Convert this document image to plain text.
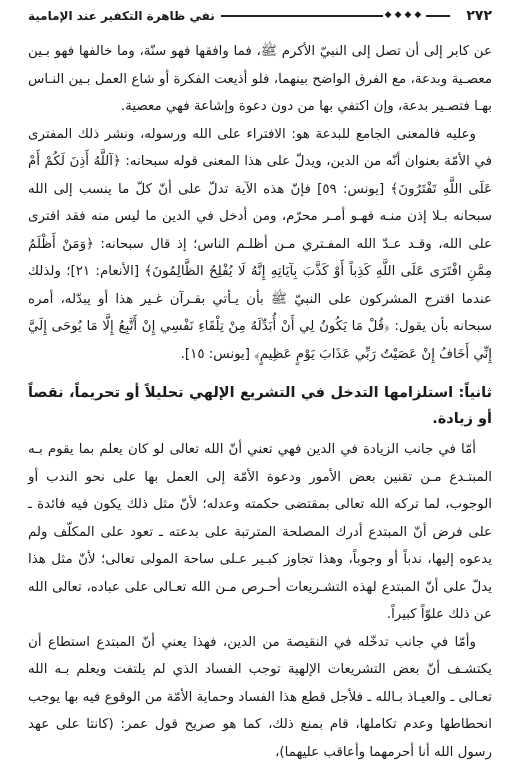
٢٧٢
◆◆◆◆
نفي ظاهرة التكفير عند الإمامية

عن كابر إلى أن تصل إلى النبيّ الأكرم ﷺ، فما وافقها فهو سنّة، وما خالفها فهو بـين معصـية وبدعة، مع الفرق الواضح بينهما، فلو أذيعت الفكرة أو شاع العمل بـين النـاس بهـا فتصـير بدعة، وإن اكتفي بها من دون دعوة وإشاعة فهي معصية.

وعليه فالمعنى الجامع للبدعة هو: الافتراء على الله ورسوله، ونشر ذلك المفترى في الأمّة بعنوان أنّه من الدين، ويدلّ على هذا المعنى قوله سبحانه: ﴿آللَّهُ أَذِنَ لَكُمْ أَمْ عَلَى اللَّهِ تَفْتَرُونَ﴾ [يونس: ٥٩] فإنّ هذه الآية تدلّ على أنّ كلّ ما ينسب إلى الله سبحانه بـلا إذن منـه فهـو أمـر محرّم، ومن أدخل في الدين ما ليس منه فقد افترى على الله، وقـد عـدّ الله المفـتري مـن أظلـم الناس؛ إذ قال سبحانه: ﴿وَمَنْ أَظْلَمُ مِمَّنِ افْتَرَى عَلَى اللَّهِ كَذِباً أَوْ كَذَّبَ بِآيَاتِهِ إِنَّهُ لَا يُفْلِحُ الظَّالِمُونَ﴾ [الأنعام: ٢١]؛ ولذلك عندما اقترح المشركون على النبيّ ﷺ بأن يـأتي بقـرآن غـير هذا أو يبدّله، أمره سبحانه بأن يقول: ﴿قُلْ مَا يَكُونُ لِي أَنْ أُبَدِّلَهُ مِنْ تِلْقَاءِ نَفْسِي إِنْ أَتَّبِعُ إِلَّا مَا يُوحَى إِلَيَّ إِنِّي أَخَافُ إِنْ عَصَيْتُ رَبِّي عَذَابَ يَوْمٍ عَظِيمٍ﴾ [يونس: ١٥].

ثانياً: استلزامها التدخل في التشريع الإلهي تحليلاً أو تحريماً، نقصاً أو زيادة.

أمّا في جانب الزيادة في الدين فهي تعني أنّ الله تعالى لو كان يعلم بما يقوم بـه المبتـدع مـن تقنين بعض الأمور ودعوة الأمّة إلى العمل بها على نحو الندب أو الوجوب، لما تركه الله تعالى بمقتضى حكمته وعدله؛ لأنّ مثل ذلك يكون فيه فائدة ـ على فرض أنّ المبتدع أدرك المصلحة المترتبة على بدعته ـ تعود على المكلّف ولم يدعوه إليها، ندباً أو وجوباً، وهذا تجاوز كبـير عـلى ساحة المولى تعالى؛ لأنّ مثل هذا يدلّ على أنّ المبتدع لهذه التشـريعات أحـرص مـن الله تعـالى على عباده، تعالى الله عن ذلك علوّاً كبيراً.

وأمّا في جانب تدخّله في النقيصة من الدين، فهذا يعني أنّ المبتدع استطاع أن يكتشـف أنّ بعض التشريعات الإلهية توجب الفساد الذي لم يلتفت ويعلم بـه الله تعـالى ـ والعيـاذ بـالله ـ فلأجل قطع هذا الفساد وحماية الأمّة من الوقوع فيه بها يوجب انحطاطها وعدم تكاملها، قام بمنع ذلك، كما هو صريح قول عمر: (كانتا على عهد رسول الله أنا أحرمهما وأعاقب عليهما)،
